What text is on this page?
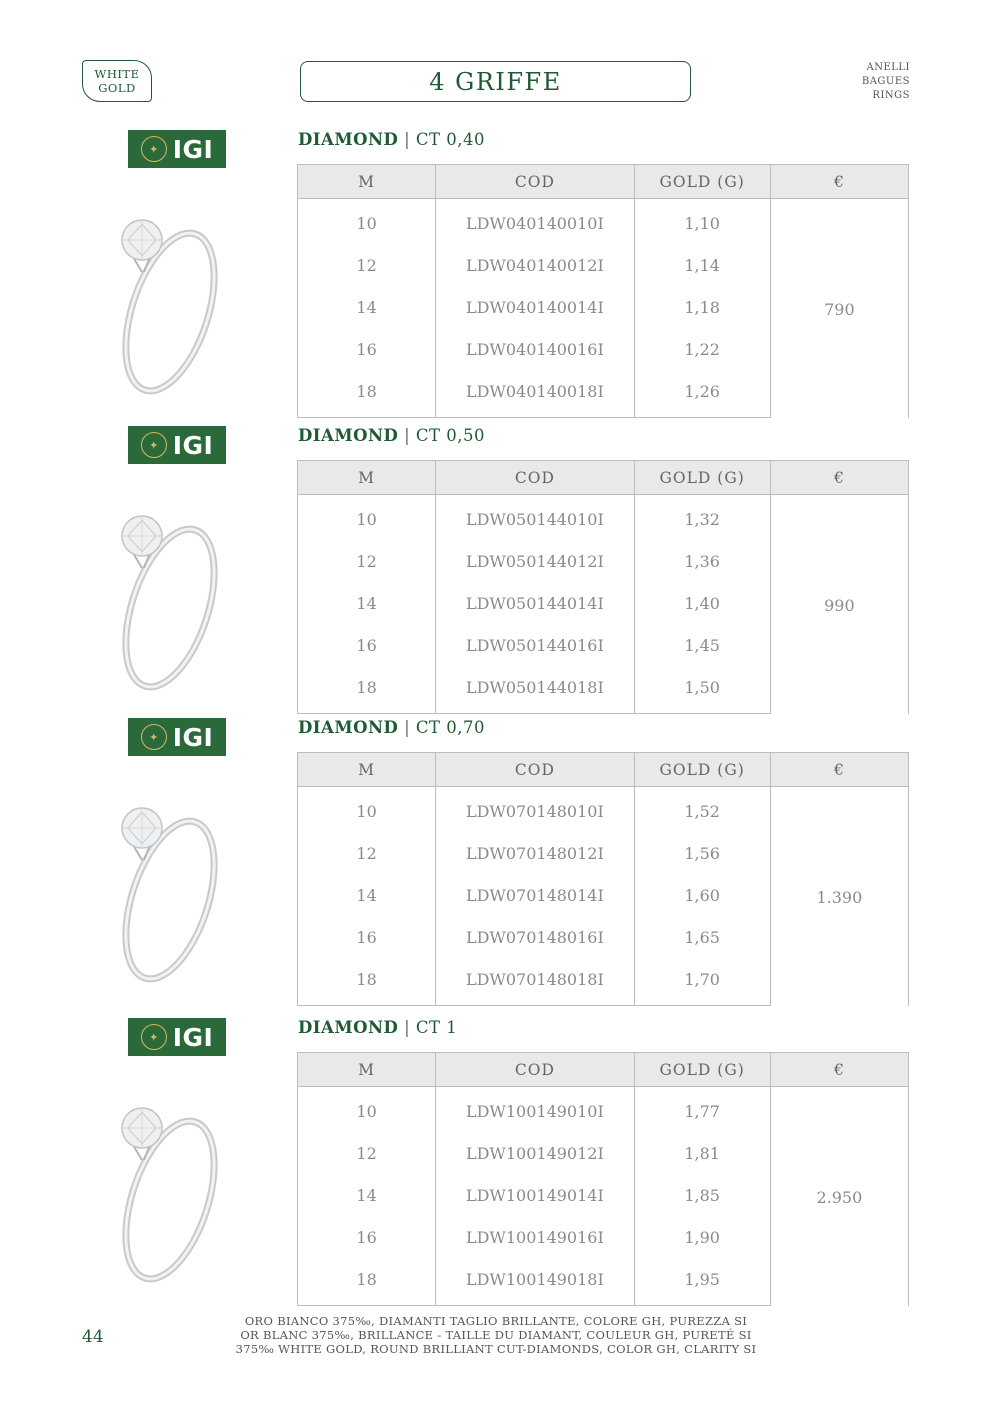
WHITE
GOLD	4 GRIFFE	ANELLI
BAGUES
RINGS
✦ IGI	DIAMOND | CT 0,40
M	COD	GOLD (G)	€
10	LDW040140010I	1,10	790
12	LDW040140012I	1,14	
14	LDW040140014I	1,18	
16	LDW040140016I	1,22	
18	LDW040140018I	1,26	
✦ IGI	DIAMOND | CT 0,50
M	COD	GOLD (G)	€
10	LDW050144010I	1,32	990
12	LDW050144012I	1,36	
14	LDW050144014I	1,40	
16	LDW050144016I	1,45	
18	LDW050144018I	1,50	
✦ IGI	DIAMOND | CT 0,70
M	COD	GOLD (G)	€
10	LDW070148010I	1,52	1.390
12	LDW070148012I	1,56	
14	LDW070148014I	1,60	
16	LDW070148016I	1,65	
18	LDW070148018I	1,70	
✦ IGI	DIAMOND | CT 1
M	COD	GOLD (G)	€
10	LDW100149010I	1,77	2.950
12	LDW100149012I	1,81	
14	LDW100149014I	1,85	
16	LDW100149016I	1,90	
18	LDW100149018I	1,95	
ORO BIANCO 375‰, DIAMANTI TAGLIO BRILLANTE, COLORE GH, PUREZZA SI
OR BLANC 375‰, BRILLANCE - TAILLE DU DIAMANT, COULEUR GH, PURETÉ SI
375‰ WHITE GOLD, ROUND BRILLIANT CUT-DIAMONDS, COLOR GH, CLARITY SI
44
